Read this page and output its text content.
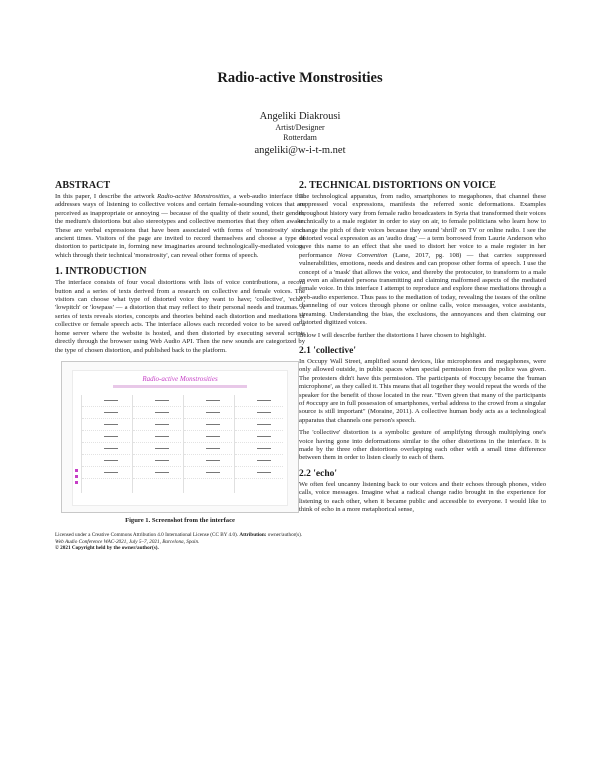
Radio-active Monstrosities
Angeliki Diakrousi
Artist/Designer
Rotterdam
angeliki@w-i-t-m.net
ABSTRACT

In this paper, I describe the artwork Radio-active Monstrosities, a web-audio interface that addresses ways of listening to collective voices and certain female-sounding voices that are perceived as inappropriate or annoying — because of the quality of their sound, their gender, the medium's distortions but also stereotypes and collective memories that they often awake. These are verbal expressions that have been associated with forms of 'monstrosity' since ancient times. Visitors of the page are invited to record themselves and choose a type of distortion to participate in, forming new imaginaries around technologically-mediated voices, which through their technical 'monstrosity', can reveal other forms of speech.

1. INTRODUCTION

The interface consists of four vocal distortions with lists of voice contributions, a record button and a series of texts derived from a research on collective and female voices. The visitors can choose what type of distorted voice they want to have; 'collective', 'echo', 'lowpitch' or 'lowpass' — a distortion that may reflect to their personal needs and traumas. A series of texts reveals stories, concepts and theories behind each distortion and mediations of collective or female speech acts. The interface allows each recorded voice to be saved on a home server where the website is hosted, and then distorted by executing several scripts directly through the browser using Web Audio API. Then the new sounds are categorized by the type of chosen distortion, and published back to the platform.

Radio-active Monstrosities
Figure 1. Screenshot from the interface

Licensed under a Creative Commons Attribution 4.0 International License (CC BY 4.0). Attribution: owner/author(s).

Web Audio Conference WAC-2021, July 5–7, 2021, Barcelona, Spain.

© 2021 Copyright held by the owner/author(s).

2. TECHNICAL DISTORTIONS ON VOICE

The technological apparatus, from radio, smartphones to megaphones, that channel these suppressed vocal expressions, manifests the referred sonic deformations. Examples throughout history vary from female radio broadcasters in Syria that transformed their voices technically to a male register in order to stay on air, to female politicians who learn how to change the pitch of their voices because they sound 'shrill' on TV or online radio. I see the distorted vocal expression as an 'audio drag' — a term borrowed from Laurie Anderson who gave this name to an effect that she used to distort her voice to a male register in her performance Nova Convention (Lane, 2017, pg. 108) — that carries suppressed vulnerabilities, emotions, needs and desires and can propose other forms of speech. I use the concept of a 'mask' that allows the voice, and thereby the protocutor, to transform to a male or even an alienated persona transmitting and claiming malformed aspects of the mediated female voice. In this interface I attempt to reproduce and explore these mediations through a web-audio experience. Thus pass to the mediation of today, revealing the issues of the online channeling of our voices through phone or online calls, voice messages, voice assistants, streaming. Understanding the bias, the exclusions, the annoyances and then claiming our distorted digitized voices.

Below I will describe further the distortions I have chosen to highlight.

2.1 'collective'

In Occupy Wall Street, amplified sound devices, like microphones and megaphones, were only allowed outside, in public spaces when special permission from the police was given. The protesters didn't have this permission. The participants of #occupy became the 'human microphone', as they called it. This means that all together they would repeat the words of the speaker for the benefit of those located in the rear. "Even given that many of the participants of #occupy are in full possession of smartphones, verbal address to the crowd from a singular source is still important" (Moraine, 2011). A collective human body acts as a technological apparatus that channels one person's speech.

The 'collective' distortion is a symbolic gesture of amplifying through multiplying one's voice having gone into deformations similar to the other distortions in the interface. It is made by the three other distortions overlapping each other with a small time difference between them in order to listen clearly to each of them.

2.2 'echo'

We often feel uncanny listening back to our voices and their echoes through phones, video calls, voice messages. Imagine what a radical change radio brought in the experience for listening to each other, when it became public and accessible to everyone. I would like to think of echo in a more metaphorical sense,
